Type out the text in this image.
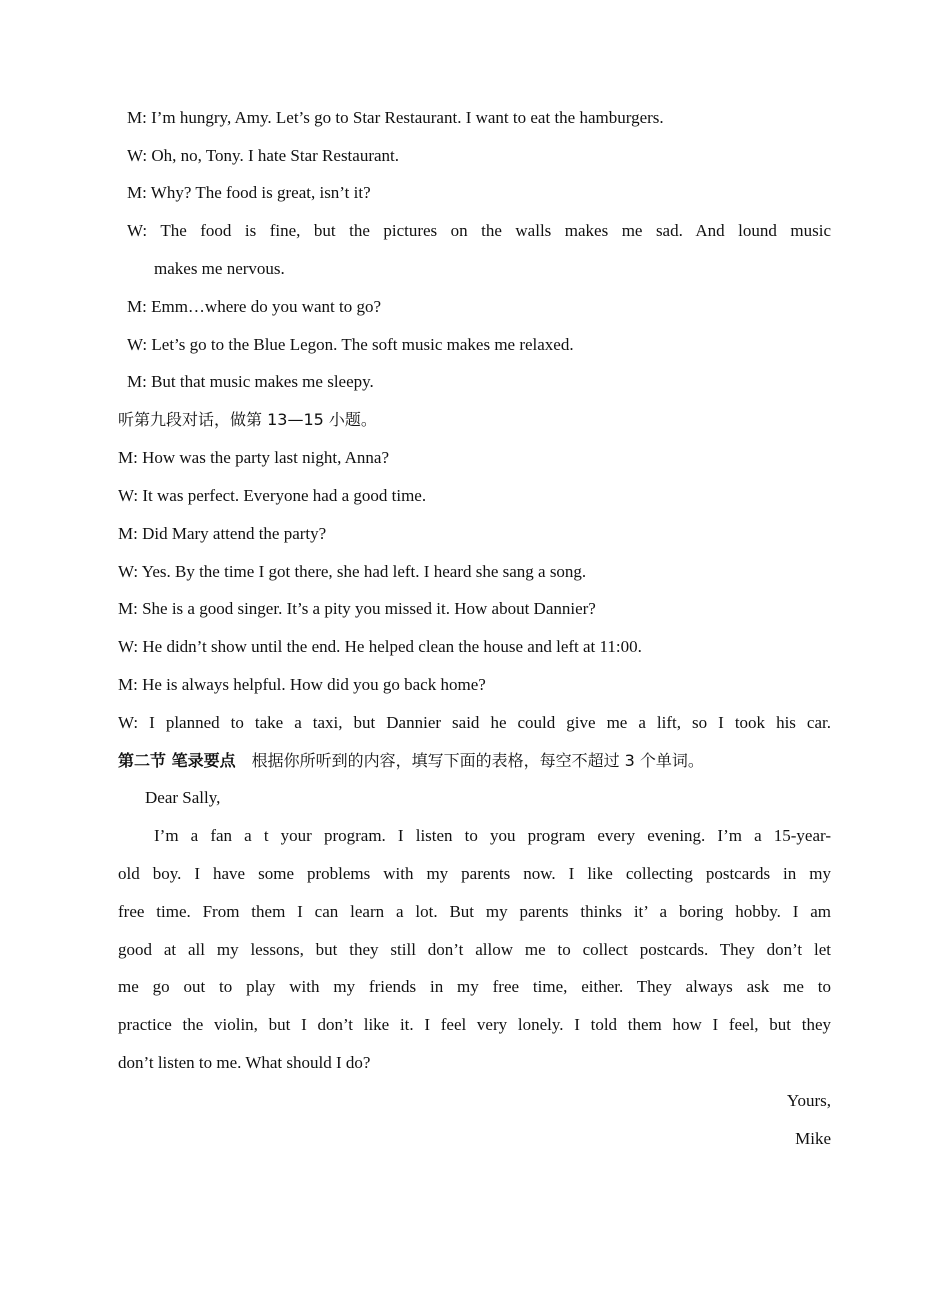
M: I’m hungry, Amy. Let’s go to Star Restaurant. I want to eat the hamburgers.
W: Oh, no, Tony. I hate Star Restaurant.
M: Why? The food is great, isn’t it?
W: The food is fine, but the pictures on the walls makes me sad. And lound music
makes me nervous.
M: Emm…where do you want to go?
W: Let’s go to the Blue Legon. The soft music makes me relaxed.
M: But that music makes me sleepy.
听第九段对话，做第 13—15 小题。
M: How was the party last night, Anna?
W: It was perfect. Everyone had a good time.
M: Did Mary attend the party?
W: Yes. By the time I got there, she had left. I heard she sang a song.
M: She is a good singer. It’s a pity you missed it. How about Dannier?
W: He didn’t show until the end. He helped clean the house and left at 11:00.
M: He is always helpful. How did you go back home?
W: I planned to take a taxi, but Dannier said he could give me a lift, so I took his car.
第二节 笔录要点 根据你所听到的内容，填写下面的表格，每空不超过 3 个单词。
Dear Sally,
I’m a fan a t your program. I listen to you program every evening. I’m a 15-year-
old boy. I have some problems with my parents now. I like collecting postcards in my
free time. From them I can learn a lot. But my parents thinks it’ a boring hobby. I am
good at all my lessons, but they still don’t allow me to collect postcards. They don’t let
me go out to play with my friends in my free time, either. They always ask me to
practice the violin, but I don’t like it. I feel very lonely. I told them how I feel, but they
don’t listen to me. What should I do?
Yours,
Mike
